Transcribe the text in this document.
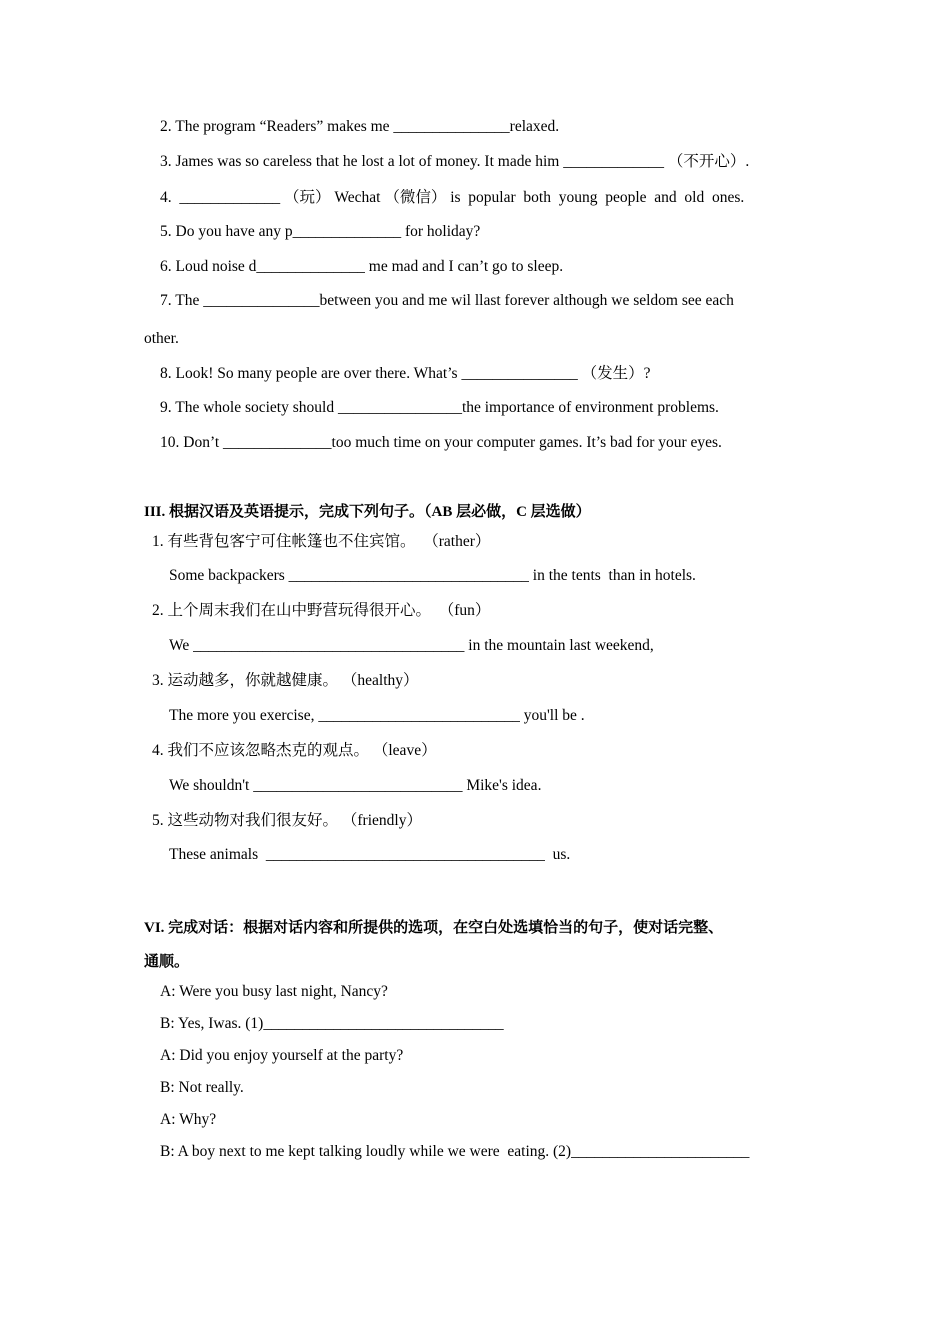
2. The program “Readers” makes me _______________relaxed.
3. James was so careless that he lost a lot of money. It made him _____________ （不开心）.
4.  _____________ （玩） Wechat （微信） is  popular  both  young  people  and  old  ones.
5. Do you have any p______________ for holiday?
6. Loud noise d______________ me mad and I can’t go to sleep.
7. The _______________between you and me wil llast forever although we seldom see each
other.
8. Look! So many people are over there. What’s _______________ （发生）?
9. The whole society should ________________the importance of environment problems.
10. Don’t ______________too much time on your computer games. It’s bad for your eyes.
III. 根据汉语及英语提示，完成下列句子。（AB 层必做，C 层选做）
1. 有些背包客宁可住帐篷也不住宾馆。  （rather）
Some backpackers _______________________________ in the tents  than in hotels.
2. 上个周末我们在山中野营玩得很开心。  （fun）
We ___________________________________ in the mountain last weekend,
3. 运动越多，你就越健康。 （healthy）
The more you exercise, __________________________ you'll be .
4. 我们不应该忽略杰克的观点。 （leave）
We shouldn't ___________________________ Mike's idea.
5. 这些动物对我们很友好。 （friendly）
These animals  ____________________________________  us.
VI. 完成对话：根据对话内容和所提供的选项，在空白处选填恰当的句子，使对话完整、
通顺。
A: Were you busy last night, Nancy?
B: Yes, Iwas. (1)_______________________________
A: Did you enjoy yourself at the party?
B: Not really.
A: Why?
B: A boy next to me kept talking loudly while we were  eating. (2)_______________________
